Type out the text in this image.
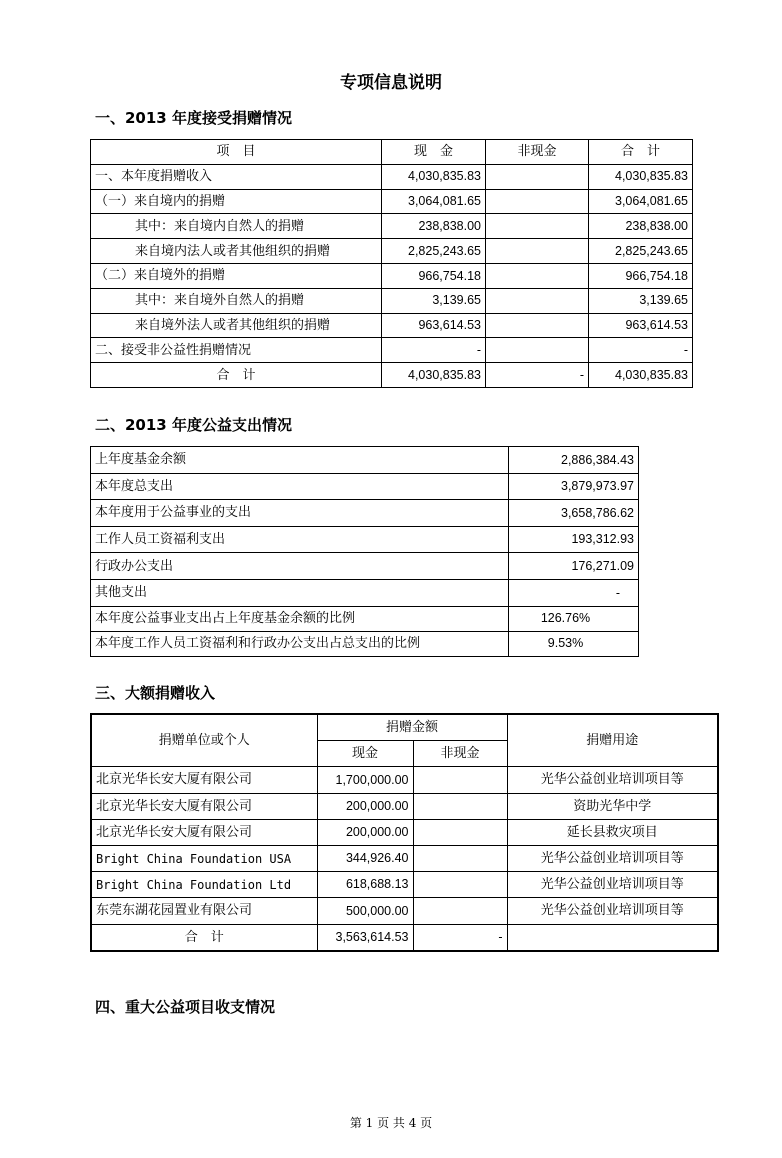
专项信息说明
一、2013 年度接受捐赠情况
项　目	现　金	非现金	合　计
一、本年度捐赠收入	4,030,835.83		4,030,835.83
（一）来自境内的捐赠	3,064,081.65		3,064,081.65
其中：来自境内自然人的捐赠	238,838.00		238,838.00
来自境内法人或者其他组织的捐赠	2,825,243.65		2,825,243.65
（二）来自境外的捐赠	966,754.18		966,754.18
其中：来自境外自然人的捐赠	3,139.65		3,139.65
来自境外法人或者其他组织的捐赠	963,614.53		963,614.53
二、接受非公益性捐赠情况	-		-
合　计	4,030,835.83	-	4,030,835.83
二、2013 年度公益支出情况
上年度基金余额	2,886,384.43
本年度总支出	3,879,973.97
本年度用于公益事业的支出	3,658,786.62
工作人员工资福利支出	193,312.93
行政办公支出	176,271.09
其他支出	-
本年度公益事业支出占上年度基金余额的比例	126.76%
本年度工作人员工资福利和行政办公支出占总支出的比例	9.53%
三、大额捐赠收入
捐赠单位或个人	捐赠金额		捐赠用途
	现金	非现金	
北京光华长安大厦有限公司	1,700,000.00		光华公益创业培训项目等
北京光华长安大厦有限公司	200,000.00		资助光华中学
北京光华长安大厦有限公司	200,000.00		延长县救灾项目
Bright China Foundation USA	344,926.40		光华公益创业培训项目等
Bright China Foundation Ltd	618,688.13		光华公益创业培训项目等
东莞东湖花园置业有限公司	500,000.00		光华公益创业培训项目等
合　计	3,563,614.53	-	
四、重大公益项目收支情况
第 1 页 共 4 页
